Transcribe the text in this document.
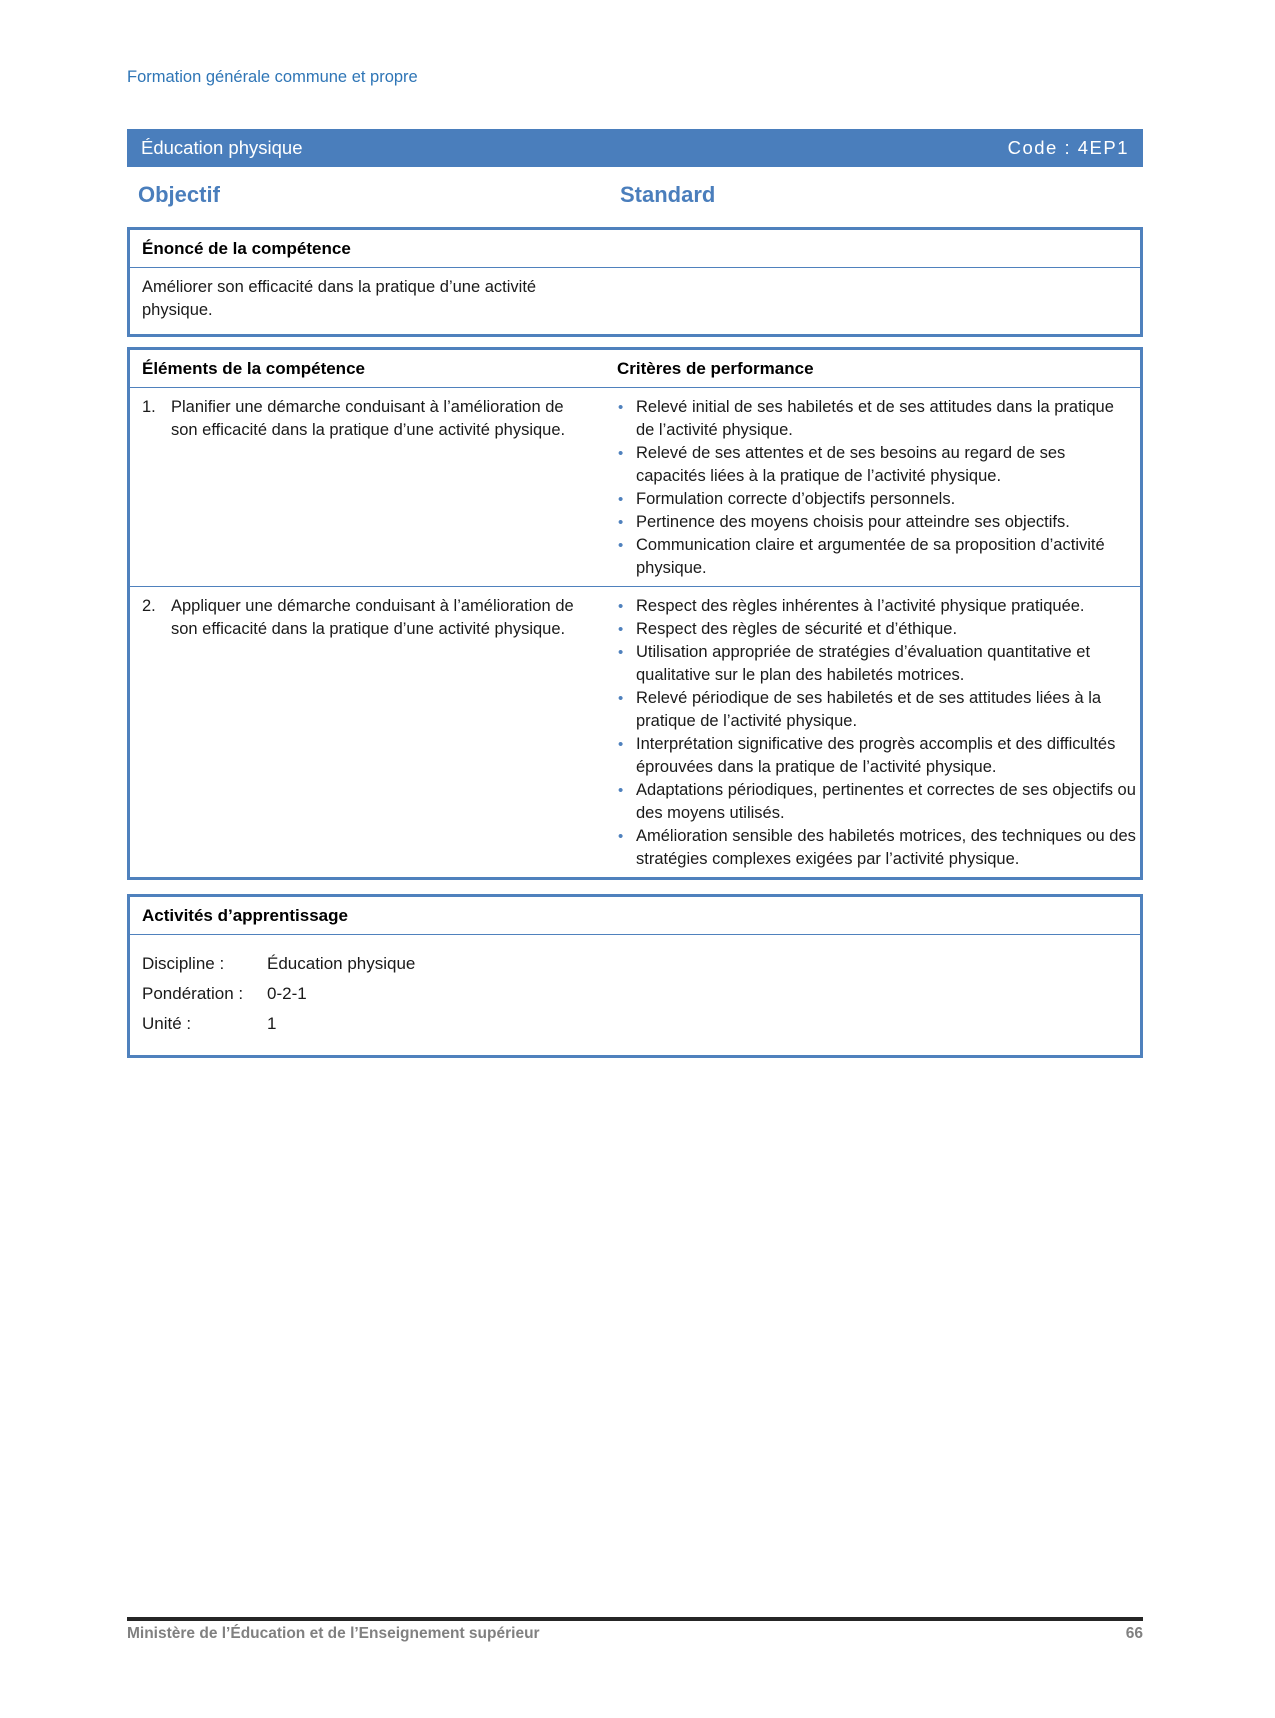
Formation générale commune et propre
Éducation physique	Code : 4EP1
Objectif	Standard
Énoncé de la compétence

Améliorer son efficacité dans la pratique d’une activité physique.

Éléments de la compétence	Critères de performance
1. Planifier une démarche conduisant à l’amélioration de son efficacité dans la pratique d’une activité physique.
• Relevé initial de ses habiletés et de ses attitudes dans la pratique de l’activité physique.
• Relevé de ses attentes et de ses besoins au regard de ses capacités liées à la pratique de l’activité physique.
• Formulation correcte d’objectifs personnels.
• Pertinence des moyens choisis pour atteindre ses objectifs.
• Communication claire et argumentée de sa proposition d’activité physique.
2. Appliquer une démarche conduisant à l’amélioration de son efficacité dans la pratique d’une activité physique.
• Respect des règles inhérentes à l’activité physique pratiquée.
• Respect des règles de sécurité et d’éthique.
• Utilisation appropriée de stratégies d’évaluation quantitative et qualitative sur le plan des habiletés motrices.
• Relevé périodique de ses habiletés et de ses attitudes liées à la pratique de l’activité physique.
• Interprétation significative des progrès accomplis et des difficultés éprouvées dans la pratique de l’activité physique.
• Adaptations périodiques, pertinentes et correctes de ses objectifs ou des moyens utilisés.
• Amélioration sensible des habiletés motrices, des techniques ou des stratégies complexes exigées par l’activité physique.
Activités d’apprentissage
Discipline :	Éducation physique
Pondération :	0-2-1
Unité :	1
Ministère de l’Éducation et de l’Enseignement supérieur	66
